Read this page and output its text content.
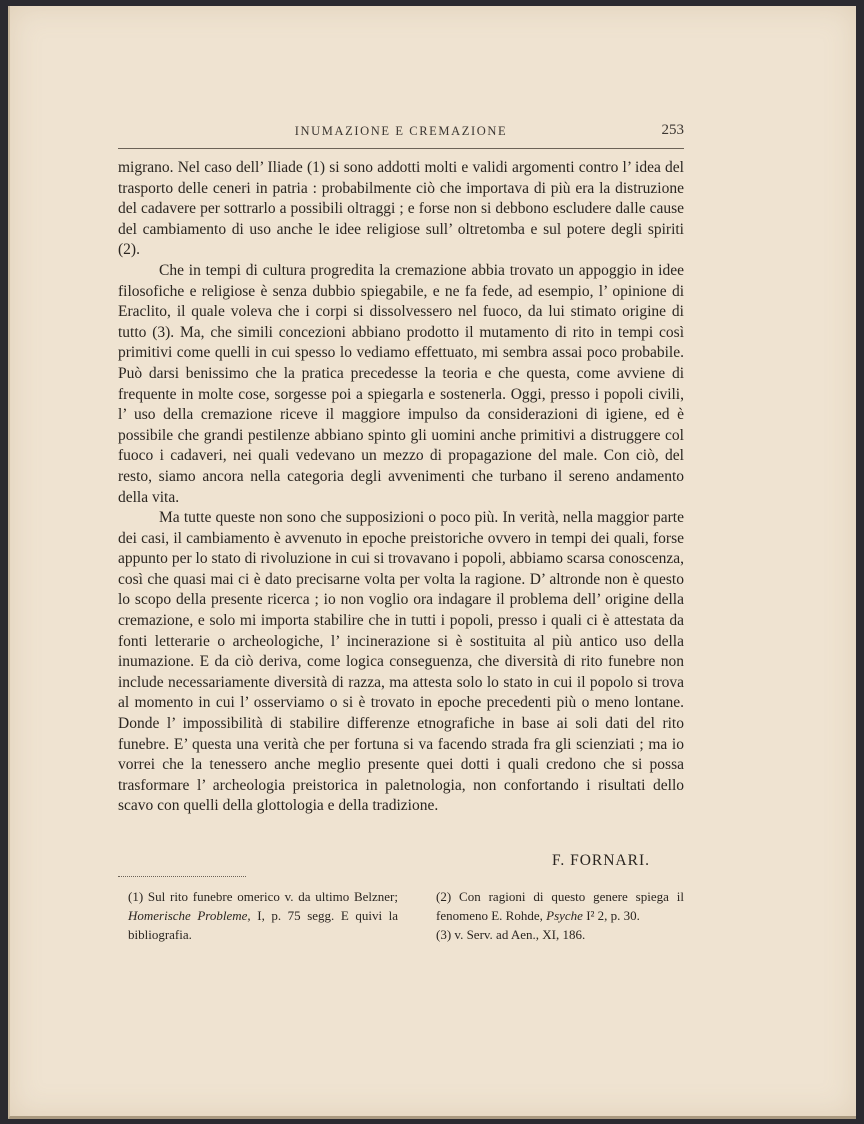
INUMAZIONE E CREMAZIONE	253

migrano. Nel caso dell’ Iliade (1) si sono addotti molti e validi argomenti contro l’ idea del trasporto delle ceneri in patria : probabilmente ciò che importava di più era la distruzione del cadavere per sottrarlo a possibili oltraggi ; e forse non si debbono escludere dalle cause del cambiamento di uso anche le idee religiose sull’ oltretomba e sul potere degli spiriti (2).

Che in tempi di cultura progredita la cremazione abbia trovato un appoggio in idee filosofiche e religiose è senza dubbio spiegabile, e ne fa fede, ad esempio, l’ opinione di Eraclito, il quale voleva che i corpi si dissolvessero nel fuoco, da lui stimato origine di tutto (3). Ma, che simili concezioni abbiano prodotto il mutamento di rito in tempi così primitivi come quelli in cui spesso lo vediamo effettuato, mi sembra assai poco probabile. Può darsi benissimo che la pratica precedesse la teoria e che questa, come avviene di frequente in molte cose, sorgesse poi a spiegarla e sostenerla. Oggi, presso i popoli civili, l’ uso della cremazione riceve il maggiore impulso da considerazioni di igiene, ed è possibile che grandi pestilenze abbiano spinto gli uomini anche primitivi a distruggere col fuoco i cadaveri, nei quali vedevano un mezzo di propagazione del male. Con ciò, del resto, siamo ancora nella categoria degli avvenimenti che turbano il sereno andamento della vita.

Ma tutte queste non sono che supposizioni o poco più. In verità, nella maggior parte dei casi, il cambiamento è avvenuto in epoche preistoriche ovvero in tempi dei quali, forse appunto per lo stato di rivoluzione in cui si trovavano i popoli, abbiamo scarsa conoscenza, così che quasi mai ci è dato precisarne volta per volta la ragione. D’ altronde non è questo lo scopo della presente ricerca ; io non voglio ora indagare il problema dell’ origine della cremazione, e solo mi importa stabilire che in tutti i popoli, presso i quali ci è attestata da fonti letterarie o archeologiche, l’ incinerazione si è sostituita al più antico uso della inumazione. E da ciò deriva, come logica conseguenza, che diversità di rito funebre non include necessariamente diversità di razza, ma attesta solo lo stato in cui il popolo si trova al momento in cui l’ osserviamo o si è trovato in epoche precedenti più o meno lontane. Donde l’ impossibilità di stabilire differenze etnografiche in base ai soli dati del rito funebre. E’ questa una verità che per fortuna si va facendo strada fra gli scienziati ; ma io vorrei che la tenessero anche meglio presente quei dotti i quali credono che si possa trasformare l’ archeologia preistorica in paletnologia, non confortando i risultati dello scavo con quelli della glottologia e della tradizione.

F. FORNARI.
(1) Sul rito funebre omerico v. da ultimo Belzner; Homerische Probleme, I, p. 75 segg. E quivi la bibliografia.
(2) Con ragioni di questo genere spiega il fenomeno E. Rohde, Psyche I² 2, p. 30.
(3) v. Serv. ad Aen., XI, 186.
